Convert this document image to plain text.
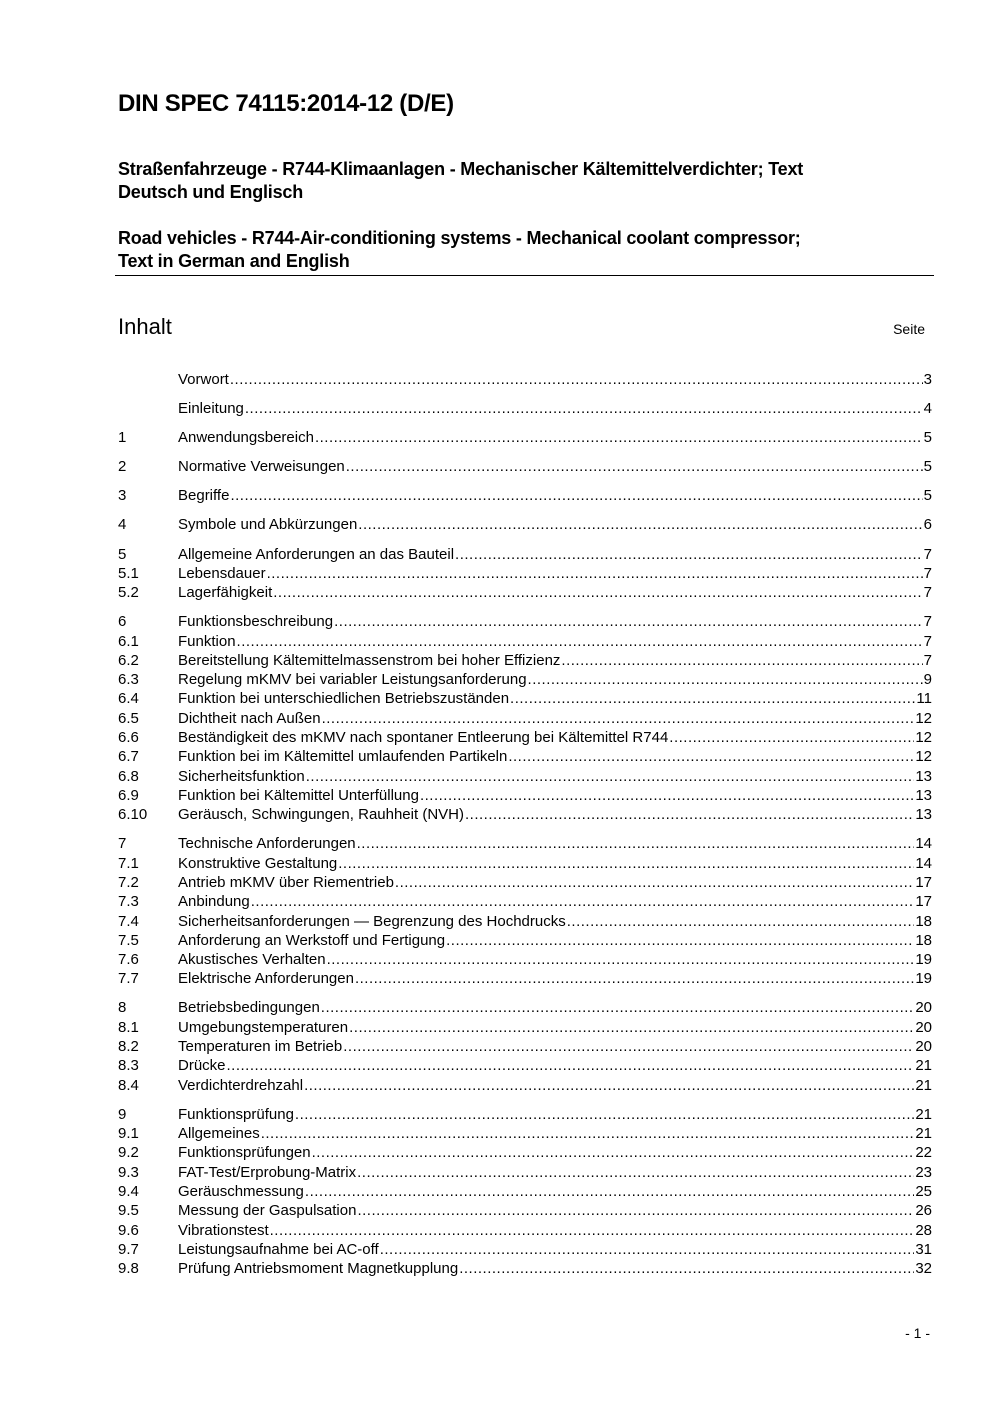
DIN SPEC 74115:2014-12 (D/E)
Straßenfahrzeuge - R744-Klimaanlagen - Mechanischer Kältemittelverdichter; Text
Deutsch und Englisch
Road vehicles - R744-Air-conditioning systems - Mechanical coolant compressor;
Text in German and English
Inhalt	Seite
Vorwort .....	3
Einleitung .....	4
1	Anwendungsbereich .....	5
2	Normative Verweisungen .....	5
3	Begriffe .....	5
4	Symbole und Abkürzungen .....	6
5	Allgemeine Anforderungen an das Bauteil .....	7
5.1	Lebensdauer .....	7
5.2	Lagerfähigkeit .....	7
6	Funktionsbeschreibung .....	7
6.1	Funktion .....	7
6.2	Bereitstellung Kältemittelmassenstrom bei hoher Effizienz .....	7
6.3	Regelung mKMV bei variabler Leistungsanforderung .....	9
6.4	Funktion bei unterschiedlichen Betriebszuständen .....	11
6.5	Dichtheit nach Außen .....	12
6.6	Beständigkeit des mKMV nach spontaner Entleerung bei Kältemittel R744 .....	12
6.7	Funktion bei im Kältemittel umlaufenden Partikeln .....	12
6.8	Sicherheitsfunktion .....	13
6.9	Funktion bei Kältemittel Unterfüllung .....	13
6.10	Geräusch, Schwingungen, Rauhheit (NVH) .....	13
7	Technische Anforderungen .....	14
7.1	Konstruktive Gestaltung .....	14
7.2	Antrieb mKMV über Riementrieb .....	17
7.3	Anbindung .....	17
7.4	Sicherheitsanforderungen — Begrenzung des Hochdrucks .....	18
7.5	Anforderung an Werkstoff und Fertigung .....	18
7.6	Akustisches Verhalten .....	19
7.7	Elektrische Anforderungen .....	19
8	Betriebsbedingungen .....	20
8.1	Umgebungstemperaturen .....	20
8.2	Temperaturen im Betrieb .....	20
8.3	Drücke .....	21
8.4	Verdichterdrehzahl .....	21
9	Funktionsprüfung .....	21
9.1	Allgemeines .....	21
9.2	Funktionsprüfungen .....	22
9.3	FAT-Test/Erprobung-Matrix .....	23
9.4	Geräuschmessung .....	25
9.5	Messung der Gaspulsation .....	26
9.6	Vibrationstest .....	28
9.7	Leistungsaufnahme bei AC-off .....	31
9.8	Prüfung Antriebsmoment Magnetkupplung .....	32
- 1 -
